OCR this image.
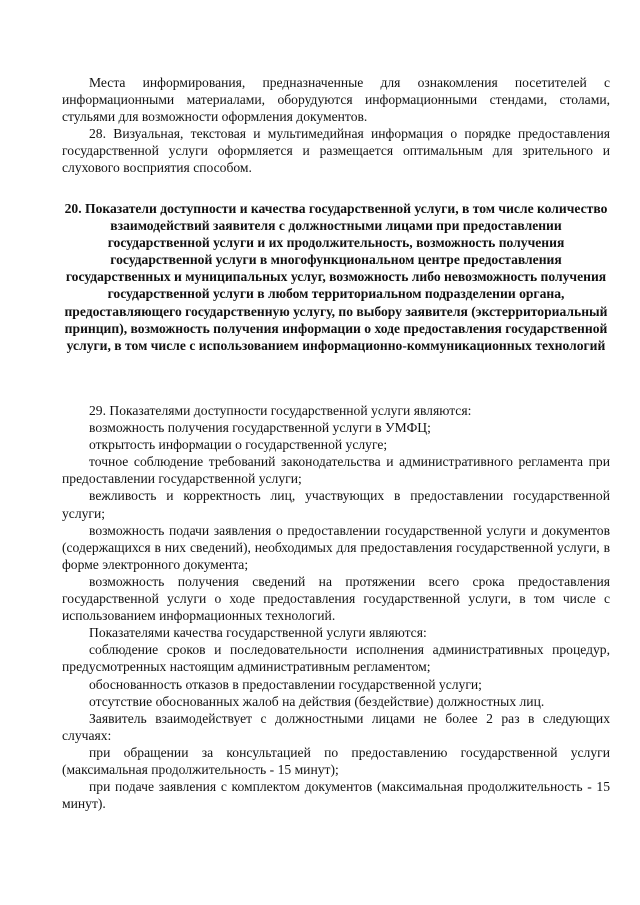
Места информирования, предназначенные для ознакомления посетителей с информационными материалами, оборудуются информационными стендами, столами, стульями для возможности оформления документов.

28. Визуальная, текстовая и мультимедийная информация о порядке предоставления государственной услуги оформляется и размещается оптимальным для зрительного и слухового восприятия способом.

20. Показатели доступности и качества государственной услуги, в том числе количество взаимодействий заявителя с должностными лицами при предоставлении государственной услуги и их продолжительность, возможность получения государственной услуги в многофункциональном центре предоставления государственных и муниципальных услуг, возможность либо невозможность получения государственной услуги в любом территориальном подразделении органа, предоставляющего государственную услугу, по выбору заявителя (экстерриториальный принцип), возможность получения информации о ходе предоставления государственной услуги, в том числе с использованием информационно-коммуникационных технологий

29. Показателями доступности государственной услуги являются:

возможность получения государственной услуги в УМФЦ;

открытость информации о государственной услуге;

точное соблюдение требований законодательства и административного регламента при предоставлении государственной услуги;

вежливость и корректность лиц, участвующих в предоставлении государственной услуги;

возможность подачи заявления о предоставлении государственной услуги и документов (содержащихся в них сведений), необходимых для предоставления государственной услуги, в форме электронного документа;

возможность получения сведений на протяжении всего срока предоставления государственной услуги о ходе предоставления государственной услуги, в том числе с использованием информационных технологий.

Показателями качества государственной услуги являются:

соблюдение сроков и последовательности исполнения административных процедур, предусмотренных настоящим административным регламентом;

обоснованность отказов в предоставлении государственной услуги;

отсутствие обоснованных жалоб на действия (бездействие) должностных лиц.

Заявитель взаимодействует с должностными лицами не более 2 раз в следующих случаях:

при обращении за консультацией по предоставлению государственной услуги (максимальная продолжительность - 15 минут);

при подаче заявления с комплектом документов (максимальная продолжительность - 15 минут).
